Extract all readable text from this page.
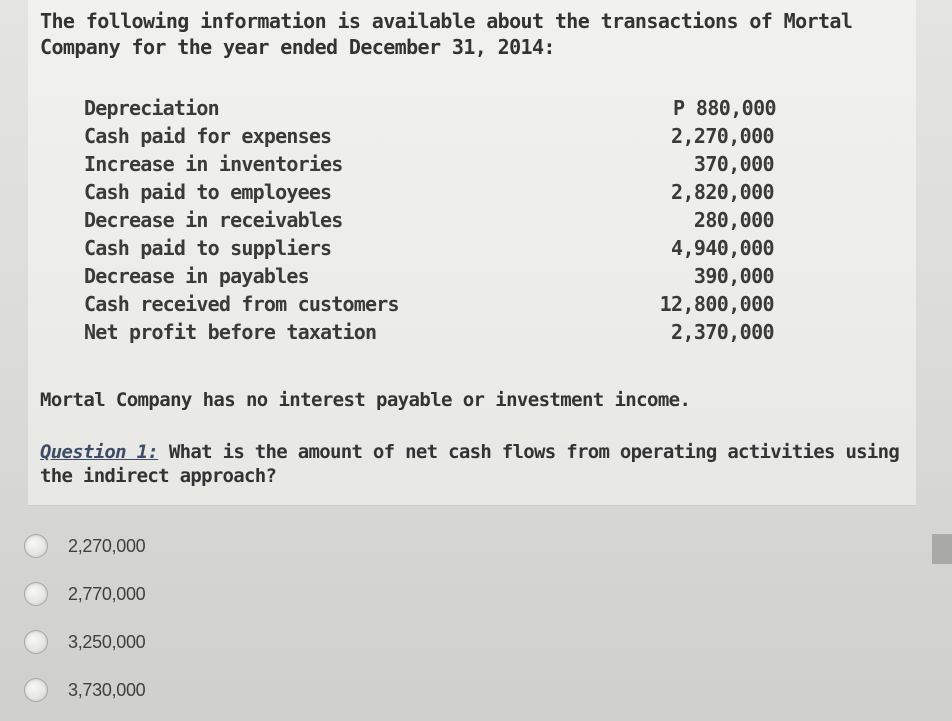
The following information is available about the transactions of Mortal Company for the year ended December 31, 2014:
Depreciation	P 880,000
Cash paid for expenses	2,270,000
Increase in inventories	370,000
Cash paid to employees	2,820,000
Decrease in receivables	280,000
Cash paid to suppliers	4,940,000
Decrease in payables	390,000
Cash received from customers	12,800,000
Net profit before taxation	2,370,000
Mortal Company has no interest payable or investment income.
Question 1: What is the amount of net cash flows from operating activities using the indirect approach?
2,270,000
2,770,000
3,250,000
3,730,000
